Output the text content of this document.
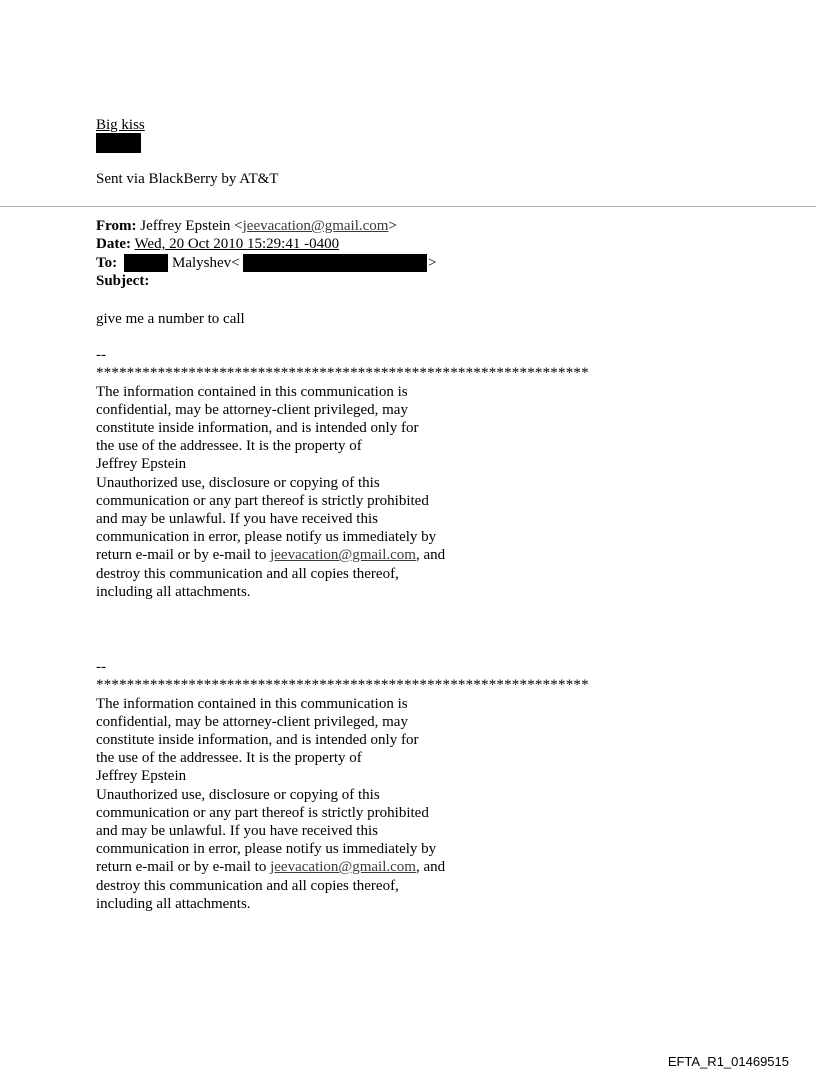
Big kiss
Sent via BlackBerry by AT&T
From: Jeffrey Epstein <jeevacation@gmail.com>
Date: Wed, 20 Oct 2010 15:29:41 -0400
To:	Malyshev<	>
Subject:
give me a number to call
--
****************************************************************
The information contained in this communication is
confidential, may be attorney-client privileged, may
constitute inside information, and is intended only for
the use of the addressee. It is the property of
Jeffrey Epstein
Unauthorized use, disclosure or copying of this
communication or any part thereof is strictly prohibited
and may be unlawful. If you have received this
communication in error, please notify us immediately by
return e-mail or by e-mail to jeevacation@gmail.com, and
destroy this communication and all copies thereof,
including all attachments.
--
****************************************************************
The information contained in this communication is
confidential, may be attorney-client privileged, may
constitute inside information, and is intended only for
the use of the addressee. It is the property of
Jeffrey Epstein
Unauthorized use, disclosure or copying of this
communication or any part thereof is strictly prohibited
and may be unlawful. If you have received this
communication in error, please notify us immediately by
return e-mail or by e-mail to jeevacation@gmail.com, and
destroy this communication and all copies thereof,
including all attachments.
EFTA_R1_01469515
